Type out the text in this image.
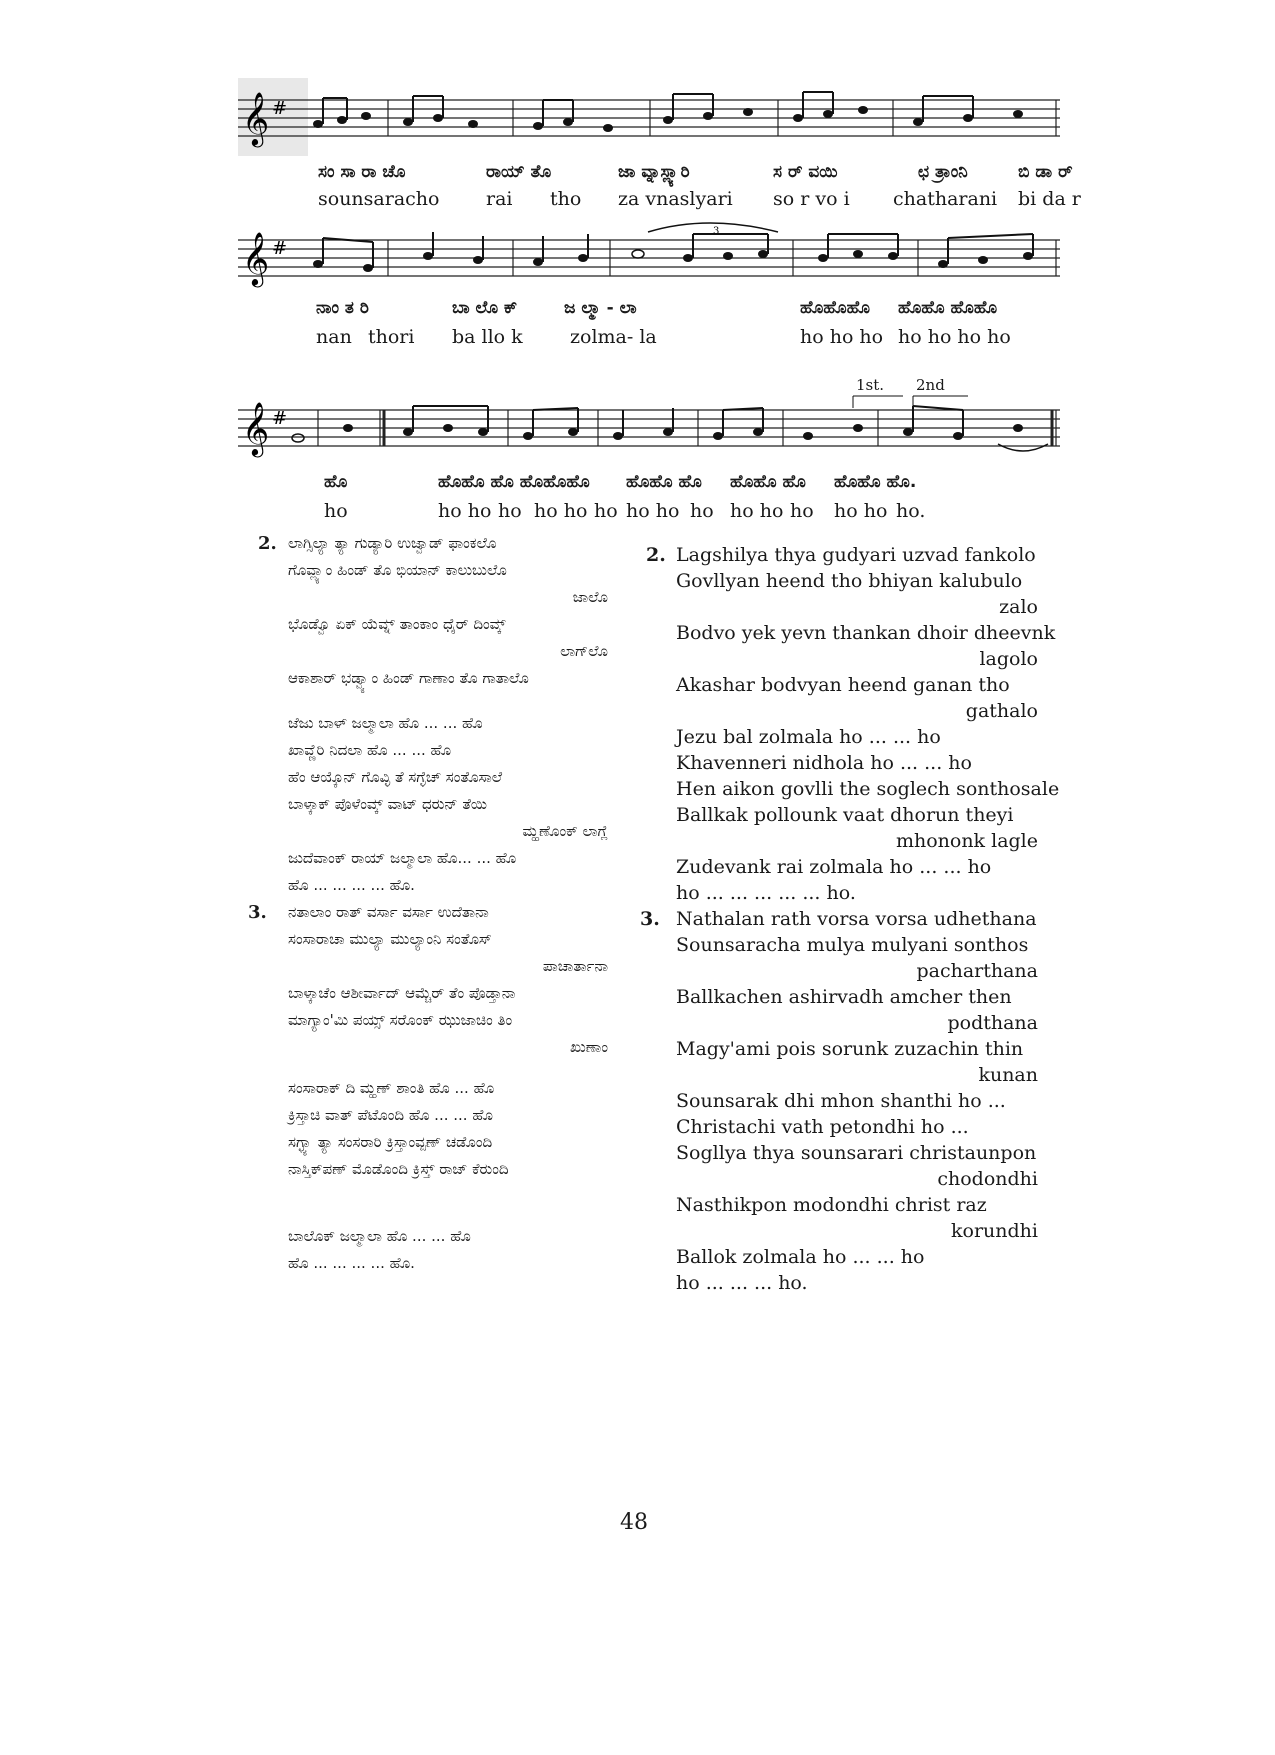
𝄞 #
ಸಂ ಸಾ ರಾ ಚೊ	ರಾಯ್ ತೊ	ಜಾ ವ್ನಾಸ್ಲ್ಯಾರಿ	ಸ ರ್ ವಯಿ	ಛ ತ್ರಾಂನಿ	ಬಿ ಡಾ ರ್
sounsaracho rai tho za vnaslyari so r vo i chatharani bi da r
𝄞 #
3
ನಾಂ ತ ರಿ	ಬಾ ಲೊ ಕ್	ಜ ಲ್ಮಾ - ಲಾ	ಹೊಹೊಹೊ ಹೊಹೊ ಹೊಹೊ
nan thori ba llo k zolma- la	ho ho ho ho ho ho ho
1st. 2nd
𝄞 #
ಹೊ	ಹೊಹೊ ಹೊ ಹೊಹೊಹೊ ಹೊಹೊ ಹೊ ಹೊಹೊ ಹೊ ಹೊಹೊ ಹೊ.
ho	ho ho ho ho ho ho ho ho ho ho ho ho ho ho ho.
2. ಲಾಗ್ಸಿಲ್ಯಾ ತ್ಯಾ ಗುಡ್ಯಾರಿ ಉಜ್ವಾಡ್ ಫಾಂಕಲೊ
ಗೊವ್ಲ್ಯಾಂ ಹಿಂಡ್ ತೊ ಭಿಯಾನ್ ಕಾಲುಬುಲೊ
ಜಾಲೊ
ಭೊಡ್ವೊ ಏಕ್ ಯೆವ್ನ್ ತಾಂಕಾಂ ಧೈರ್ ದಿಂವ್ಕ್
ಲಾಗ್‌ಲೊ
ಆಕಾಶಾರ್ ಭಡ್ವ್ಯಾಂ ಹಿಂಡ್ ಗಾಣಾಂ ತೊ ಗಾತಾಲೊ
ಜೆಜು ಬಾಳ್ ಜಲ್ಮಾಲಾ ಹೊ ... ... ಹೊ
ಖಾವ್ಣೆರಿ ನಿದಲಾ ಹೊ ... ... ಹೊ
ಹೆಂ ಆಯ್ಕೊನ್ ಗೊವ್ಳಿ ತೆ ಸಗ್ಳೆಚ್ ಸಂತೊಸಾಲೆ
ಬಾಳ್ಕಾಕ್ ಪೊಳೆಂವ್ಕ್ ವಾಟ್ ಧರುನ್ ತೆಯಿ
ಮ್ಹಣೊಂಕ್ ಲಾಗ್ಲೆ
ಜುದೆವಾಂಕ್ ರಾಯ್ ಜಲ್ಮಾಲಾ ಹೊ... ... ಹೊ
ಹೊ ... ... ... ... ಹೊ.
3. ನತಾಲಾಂ ರಾತ್ ವರ್ಸಾ ವರ್ಸಾ ಉದೆತಾನಾ
ಸಂಸಾರಾಚಾ ಮುಲ್ಯಾ ಮುಲ್ಯಾಂನಿ ಸಂತೊಸ್
ಪಾಚಾರ್ತಾನಾ
ಬಾಳ್ಕಾಚೆಂ ಆಶೀರ್ವಾದ್ ಆಮ್ಚೆರ್ ತೆಂ ಪೊಡ್ತಾನಾ
ಮಾಗ್ಯಾಂ'ಮಿ ಪಯ್ಸ್ ಸರೊಂಕ್ ಝುಜಾಚಿಂ ತಿಂ
ಖುಣಾಂ
ಸಂಸಾರಾಕ್ ದಿ ಮ್ಹಣ್ ಶಾಂತಿ ಹೊ ... ಹೊ
ಕ್ರಿಸ್ತಾಚಿ ವಾತ್ ಪೆಟೊಂದಿ ಹೊ ... ... ಹೊ
ಸಗ್ಳ್ಯಾ ತ್ಯಾ ಸಂಸರಾರಿ ಕ್ರಿಸ್ತಾಂವ್ಪಣ್ ಚಡೊಂದಿ
ನಾಸ್ತಿಕ್‌ಪಣ್ ಮೊಡೊಂದಿ ಕ್ರಿಸ್ತ್ ರಾಜ್ ಕೆರುಂದಿ
ಬಾಲೊಕ್ ಜಲ್ಮಾಲಾ ಹೊ ... ... ಹೊ
ಹೊ ... ... ... ... ಹೊ.
2. Lagshilya thya gudyari uzvad fankolo
Govllyan heend tho bhiyan kalubulo
zalo
Bodvo yek yevn thankan dhoir dheevnk
lagolo
Akashar bodvyan heend ganan tho
gathalo
Jezu bal zolmala ho ... ... ho
Khavenneri nidhola ho ... ... ho
Hen aikon govlli the soglech sonthosale
Ballkak pollounk vaat dhorun theyi
mhononk lagle
Zudevank rai zolmala ho ... ... ho
ho ... ... ... ... ... ho.
3. Nathalan rath vorsa vorsa udhethana
Sounsaracha mulya mulyani sonthos
pacharthana
Ballkachen ashirvadh amcher then
podthana
Magy'ami pois sorunk zuzachin thin
kunan
Sounsarak dhi mhon shanthi ho ...
Christachi vath petondhi ho ...
Sogllya thya sounsarari christaunpon
chodondhi
Nasthikpon modondhi christ raz
korundhi
Ballok zolmala ho ... ... ho
ho ... ... ... ho.
48
